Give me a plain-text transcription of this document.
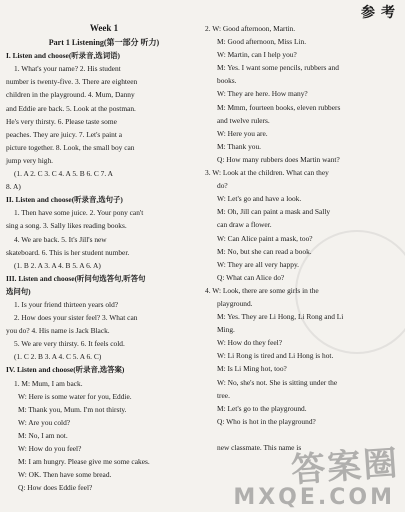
参考
Week 1
Part 1 Listening(第一部分 听力)
I. Listen and choose(听录音,选词语)
1. What's your name? 2. His student
number is twenty-five. 3. There are eighteen
children in the playground. 4. Mum, Danny
and Eddie are back. 5. Look at the postman.
He's very thirsty. 6. Please taste some
peaches. They are juicy. 7. Let's paint a
picture together. 8. Look, the small boy can
jump very high.
(1. A 2. C 3. C 4. A 5. B 6. C 7. A
8. A)
II. Listen and choose(听录音,选句子)
1. Then have some juice. 2. Your pony can't
sing a song. 3. Sally likes reading books.
4. We are back. 5. It's Jill's new
skateboard. 6. This is her student number.
(1. B 2. A 3. A 4. B 5. A 6. A)
III. Listen and choose(听问句选答句,听答句
选问句)
1. Is your friend thirteen years old?
2. How does your sister feel? 3. What can
you do? 4. His name is Jack Black.
5. We are very thirsty. 6. It feels cold.
(1. C 2. B 3. A 4. C 5. A 6. C)
IV. Listen and choose(听录音,选答案)
1. M: Mum, I am back.
W: Here is some water for you, Eddie.
M: Thank you, Mum. I'm not thirsty.
W: Are you cold?
M: No, I am not.
W: How do you feel?
M: I am hungry. Please give me some cakes.
W: OK. Then have some bread.
Q: How does Eddie feel?
2. W: Good afternoon, Martin.
M: Good afternoon, Miss Lin.
W: Martin, can I help you?
M: Yes. I want some pencils, rubbers and
books.
W: They are here. How many?
M: Mmm, fourteen books, eleven rubbers
and twelve rulers.
W: Here you are.
M: Thank you.
Q: How many rubbers does Martin want?
3. W: Look at the children. What can they
do?
W: Let's go and have a look.
M: Oh, Jill can paint a mask and Sally
can draw a flower.
W: Can Alice paint a mask, too?
M: No, but she can read a book.
W: They are all very happy.
Q: What can Alice do?
4. W: Look, there are some girls in the
playground.
M: Yes. They are Li Hong, Li Rong and Li
Ming.
W: How do they feel?
W: Li Rong is tired and Li Hong is hot.
M: Is Li Ming hot, too?
W: No, she's not. She is sitting under the
tree.
M: Let's go to the playground.
Q: Who is hot in the playground?

new classmate. This name is
答案圈
MXQE.COM
